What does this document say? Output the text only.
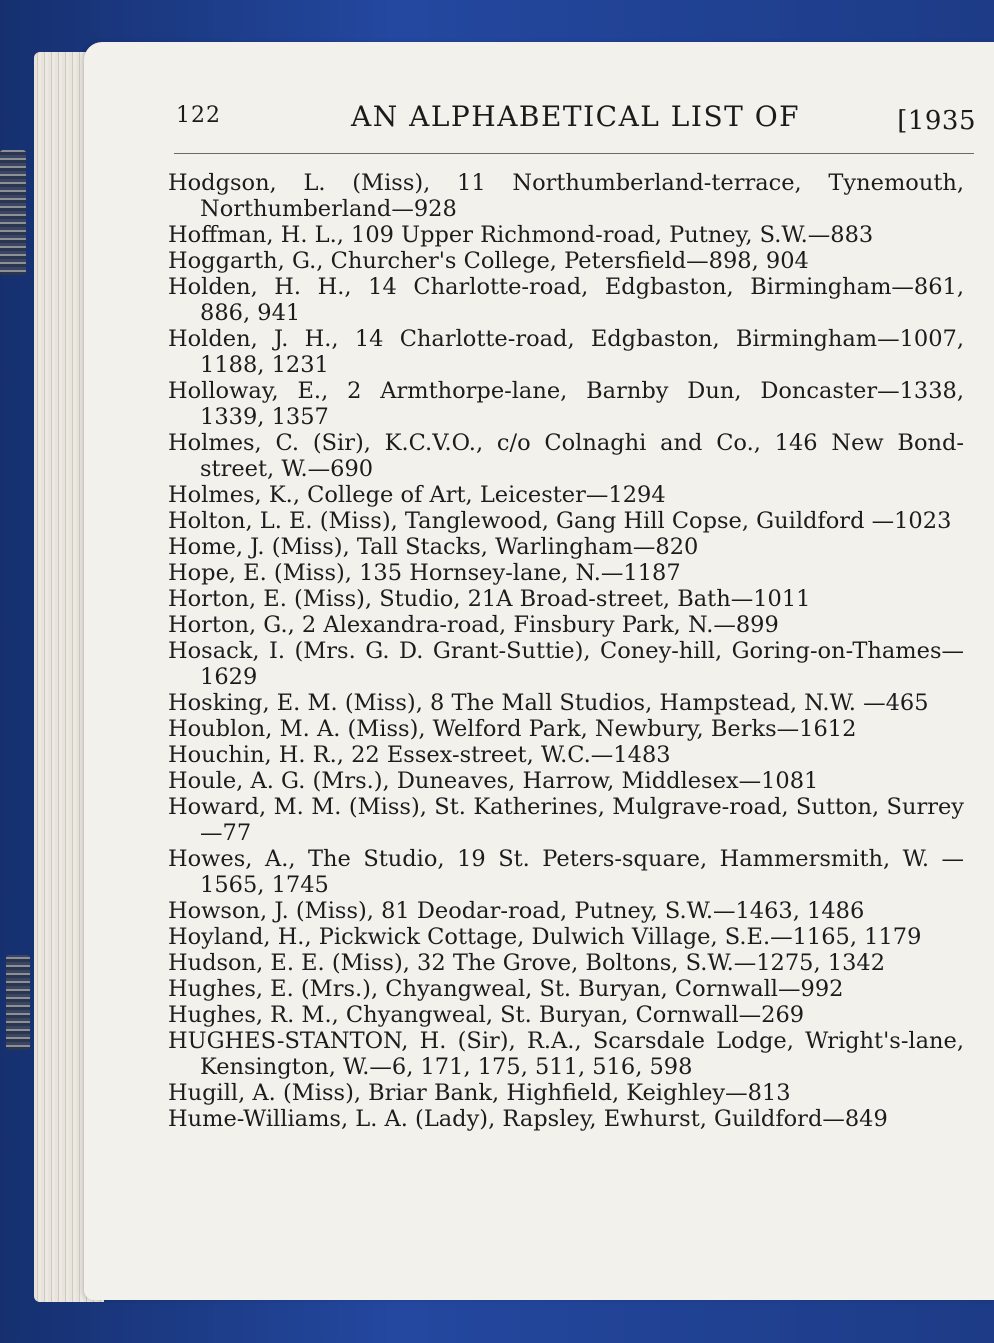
122	AN ALPHABETICAL LIST OF	[1935

Hodgson, L. (Miss), 11 Northumberland-terrace, Tynemouth, Northumberland—928

Hoffman, H. L., 109 Upper Richmond-road, Putney, S.W.—883

Hoggarth, G., Churcher's College, Petersfield—898, 904

Holden, H. H., 14 Charlotte-road, Edgbaston, Birmingham—861, 886, 941

Holden, J. H., 14 Charlotte-road, Edgbaston, Birmingham—1007, 1188, 1231

Holloway, E., 2 Armthorpe-lane, Barnby Dun, Doncaster—1338, 1339, 1357

Holmes, C. (Sir), K.C.V.O., c/o Colnaghi and Co., 146 New Bond-street, W.—690

Holmes, K., College of Art, Leicester—1294

Holton, L. E. (Miss), Tanglewood, Gang Hill Copse, Guildford —1023

Home, J. (Miss), Tall Stacks, Warlingham—820

Hope, E. (Miss), 135 Hornsey-lane, N.—1187

Horton, E. (Miss), Studio, 21A Broad-street, Bath—1011

Horton, G., 2 Alexandra-road, Finsbury Park, N.—899

Hosack, I. (Mrs. G. D. Grant-Suttie), Coney-hill, Goring-on-Thames—1629

Hosking, E. M. (Miss), 8 The Mall Studios, Hampstead, N.W. —465

Houblon, M. A. (Miss), Welford Park, Newbury, Berks—1612

Houchin, H. R., 22 Essex-street, W.C.—1483

Houle, A. G. (Mrs.), Duneaves, Harrow, Middlesex—1081

Howard, M. M. (Miss), St. Katherines, Mulgrave-road, Sutton, Surrey—77

Howes, A., The Studio, 19 St. Peters-square, Hammersmith, W. —1565, 1745

Howson, J. (Miss), 81 Deodar-road, Putney, S.W.—1463, 1486

Hoyland, H., Pickwick Cottage, Dulwich Village, S.E.—1165, 1179

Hudson, E. E. (Miss), 32 The Grove, Boltons, S.W.—1275, 1342

Hughes, E. (Mrs.), Chyangweal, St. Buryan, Cornwall—992

Hughes, R. M., Chyangweal, St. Buryan, Cornwall—269

HUGHES-STANTON, H. (Sir), R.A., Scarsdale Lodge, Wright's-lane, Kensington, W.—6, 171, 175, 511, 516, 598

Hugill, A. (Miss), Briar Bank, Highfield, Keighley—813

Hume-Williams, L. A. (Lady), Rapsley, Ewhurst, Guildford—849
